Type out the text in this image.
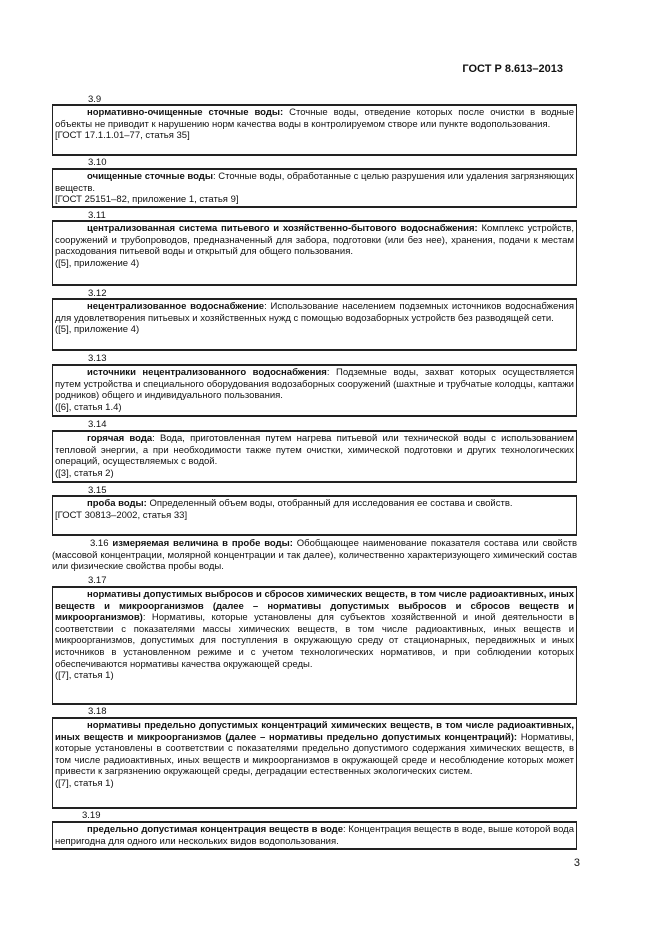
ГОСТ Р 8.613–2013
3.9

нормативно-очищенные сточные воды: Сточные воды, отведение которых после очистки в водные объекты не приводит к нарушению норм качества воды в контролируемом створе или пункте водопользования.

[ГОСТ 17.1.1.01–77, статья 35]

3.10

очищенные сточные воды: Сточные воды, обработанные с целью разрушения или удаления загрязняющих веществ.

[ГОСТ 25151–82, приложение 1, статья 9]

3.11

централизованная система питьевого и хозяйственно-бытового водоснабжения: Комплекс устройств, сооружений и трубопроводов, предназначенный для забора, подготовки (или без нее), хранения, подачи к местам расходования питьевой воды и открытый для общего пользования.

([5], приложение 4)

3.12

нецентрализованное водоснабжение: Использование населением подземных источников водоснабжения для удовлетворения питьевых и хозяйственных нужд с помощью водозаборных устройств без разводящей сети.

([5], приложение 4)

3.13

источники нецентрализованного водоснабжения: Подземные воды, захват которых осуществляется путем устройства и специального оборудования водозаборных сооружений (шахтные и трубчатые колодцы, каптажи родников) общего и индивидуального пользования.

([6], статья 1.4)

3.14

горячая вода: Вода, приготовленная путем нагрева питьевой или технической воды с использованием тепловой энергии, а при необходимости также путем очистки, химической подготовки и других технологических операций, осуществляемых с водой.

([3], статья 2)

3.15

проба воды: Определенный объем воды, отобранный для исследования ее состава и свойств.

[ГОСТ 30813–2002, статья 33]

3.16 измеряемая величина в пробе воды: Обобщающее наименование показателя состава или свойств (массовой концентрации, молярной концентрации и так далее), количественно характеризующего химический состав или физические свойства пробы воды.

3.17

нормативы допустимых выбросов и сбросов химических веществ, в том числе радиоактивных, иных веществ и микроорганизмов (далее – нормативы допустимых выбросов и сбросов веществ и микроорганизмов): Нормативы, которые установлены для субъектов хозяйственной и иной деятельности в соответствии с показателями массы химических веществ, в том числе радиоактивных, иных веществ и микроорганизмов, допустимых для поступления в окружающую среду от стационарных, передвижных и иных источников в установленном режиме и с учетом технологических нормативов, и при соблюдении которых обеспечиваются нормативы качества окружающей среды.

([7], статья 1)

3.18

нормативы предельно допустимых концентраций химических веществ, в том числе радиоактивных, иных веществ и микроорганизмов (далее – нормативы предельно допустимых концентраций): Нормативы, которые установлены в соответствии с показателями предельно допустимого содержания химических веществ, в том числе радиоактивных, иных веществ и микроорганизмов в окружающей среде и несоблюдение которых может привести к загрязнению окружающей среды, деградации естественных экологических систем.

([7], статья 1)

3.19

предельно допустимая концентрация веществ в воде: Концентрация веществ в воде, выше которой вода непригодна для одного или нескольких видов водопользования.

3
